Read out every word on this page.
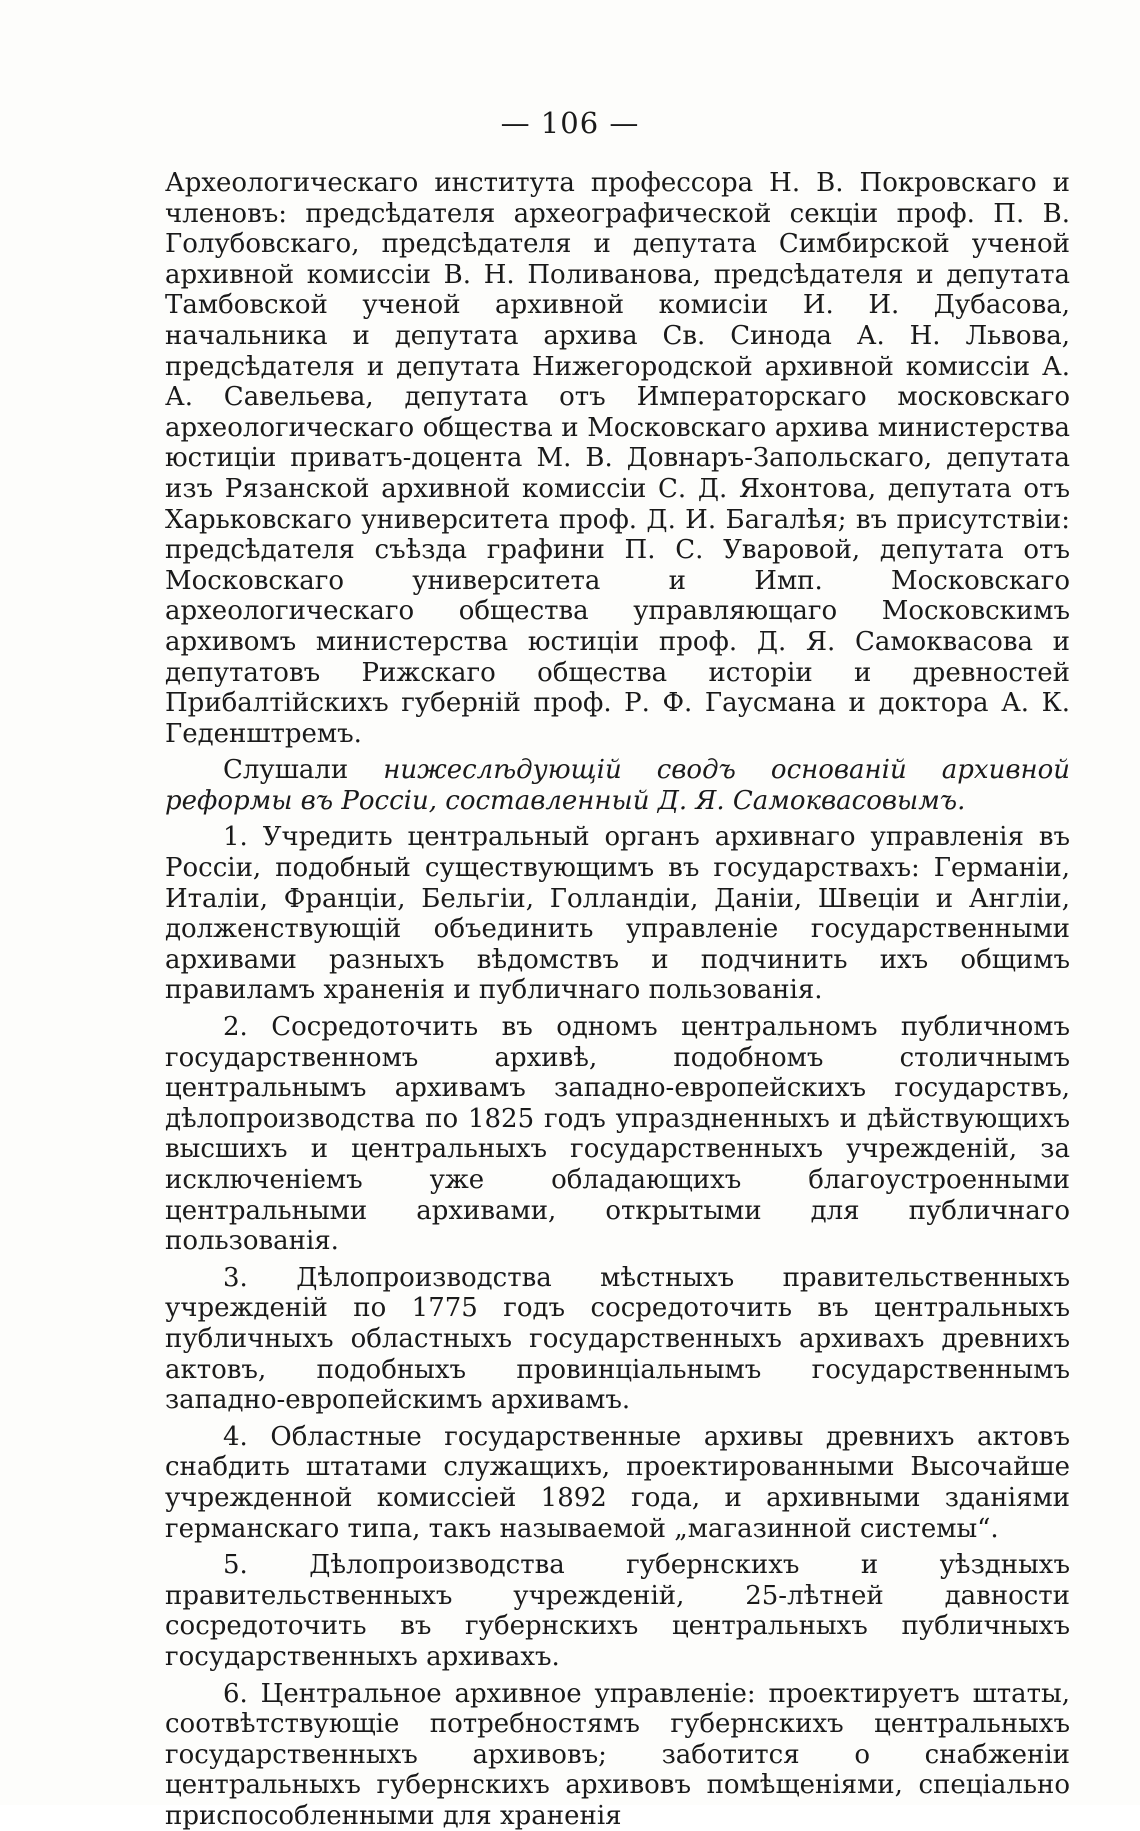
— 106 —

Археологическаго института профессора Н. В. Покровскаго и членовъ: предсѣдателя археографической секціи проф. П. В. Голубовскаго, предсѣдателя и депутата Симбирской ученой архивной комиссіи В. Н. Поливанова, предсѣдателя и депутата Тамбовской ученой архивной комисіи И. И. Дубасова, начальника и депутата архива Св. Синода А. Н. Львова, предсѣдателя и депутата Нижегородской архивной комиссіи А. А. Савельева, депутата отъ Императорскаго московскаго археологическаго общества и Московскаго архива министерства юстиціи приватъ-доцента М. В. Довнаръ-Запольскаго, депутата изъ Рязанской архивной комиссіи С. Д. Яхонтова, депутата отъ Харьковскаго университета проф. Д. И. Багалѣя; въ присутствіи: предсѣдателя съѣзда графини П. С. Уваровой, депутата отъ Московскаго университета и Имп. Московскаго археологическаго общества управляющаго Московскимъ архивомъ министерства юстиціи проф. Д. Я. Самоквасова и депутатовъ Рижскаго общества исторіи и древностей Прибалтійскихъ губерній проф. Р. Ф. Гаусмана и доктора А. К. Геденштремъ.

Слушали нижеслѣдующій сводъ основаній архивной реформы въ Россіи, составленный Д. Я. Самоквасовымъ.

1. Учредить центральный органъ архивнаго управленія въ Россіи, подобный существующимъ въ государствахъ: Германіи, Италіи, Франціи, Бельгіи, Голландіи, Даніи, Швеціи и Англіи, долженствующій объединить управленіе государственными архивами разныхъ вѣдомствъ и подчинить ихъ общимъ правиламъ храненія и публичнаго пользованія.

2. Сосредоточить въ одномъ центральномъ публичномъ государственномъ архивѣ, подобномъ столичнымъ центральнымъ архивамъ западно-европейскихъ государствъ, дѣлопроизводства по 1825 годъ упраздненныхъ и дѣйствующихъ высшихъ и центральныхъ государственныхъ учрежденій, за исключеніемъ уже обладающихъ благоустроенными центральными архивами, открытыми для публичнаго пользованія.

3. Дѣлопроизводства мѣстныхъ правительственныхъ учрежденій по 1775 годъ сосредоточить въ центральныхъ публичныхъ областныхъ государственныхъ архивахъ древнихъ актовъ, подобныхъ провинціальнымъ государственнымъ западно-европейскимъ архивамъ.

4. Областные государственные архивы древнихъ актовъ снабдить штатами служащихъ, проектированными Высочайше учрежденной комиссіей 1892 года, и архивными зданіями германскаго типа, такъ называемой „магазинной системы“.

5. Дѣлопроизводства губернскихъ и уѣздныхъ правительственныхъ учрежденій, 25-лѣтней давности сосредоточить въ губернскихъ центральныхъ публичныхъ государственныхъ архивахъ.

6. Центральное архивное управленіе: проектируетъ штаты, соотвѣтствующіе потребностямъ губернскихъ центральныхъ государственныхъ архивовъ; заботится о снабженіи центральныхъ губернскихъ архивовъ помѣщеніями, спеціально приспособленными для храненія
